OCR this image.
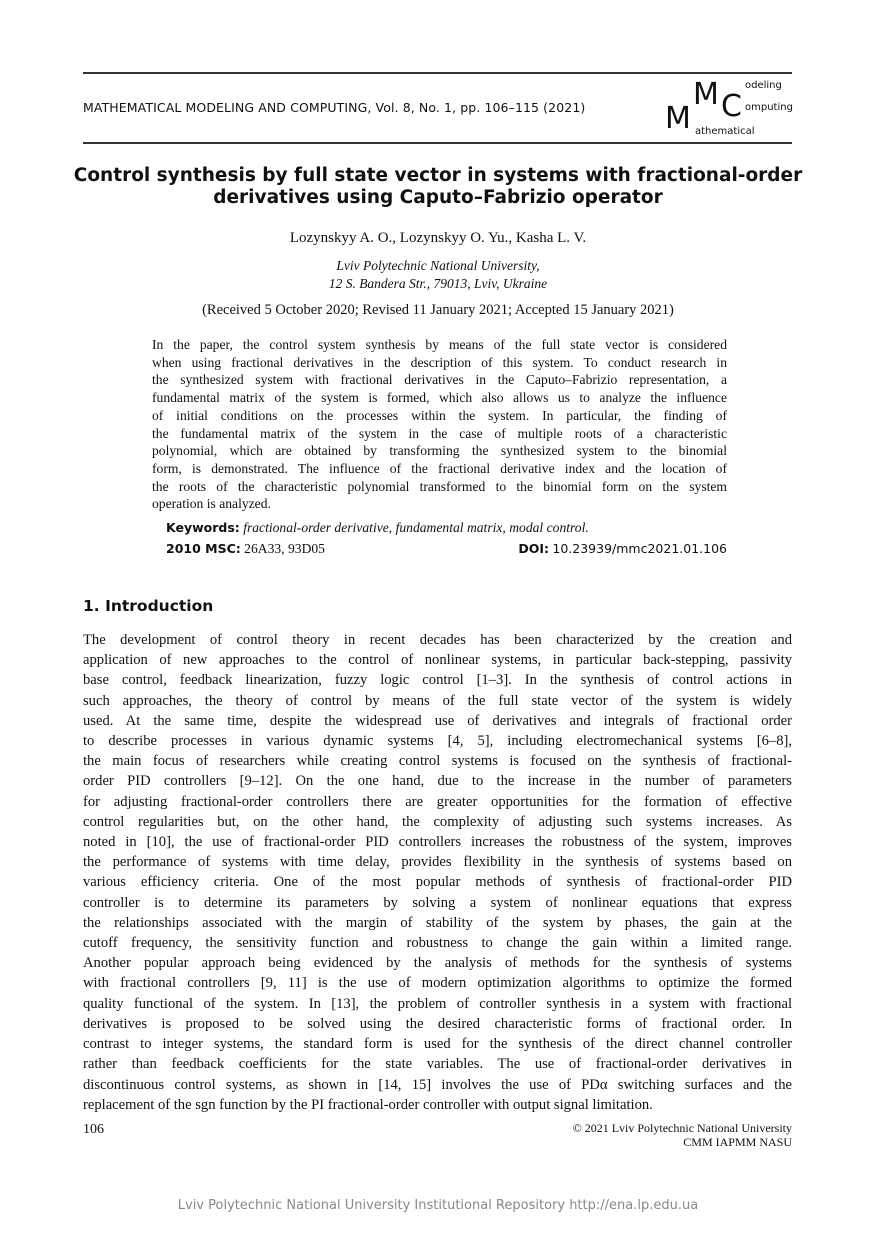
MATHEMATICAL MODELING AND COMPUTING, Vol. 8, No. 1, pp. 106–115 (2021)	M
M C
odeling
omputing
athematical
Control synthesis by full state vector in systems with fractional-order derivatives using Caputo–Fabrizio operator
Lozynskyy A. O., Lozynskyy O. Yu., Kasha L. V.
Lviv Polytechnic National University,
12 S. Bandera Str., 79013, Lviv, Ukraine
(Received 5 October 2020; Revised 11 January 2021; Accepted 15 January 2021)
In the paper, the control system synthesis by means of the full state vector is considered
when using fractional derivatives in the description of this system. To conduct research in
the synthesized system with fractional derivatives in the Caputo–Fabrizio representation, a
fundamental matrix of the system is formed, which also allows us to analyze the influence
of initial conditions on the processes within the system. In particular, the finding of
the fundamental matrix of the system in the case of multiple roots of a characteristic
polynomial, which are obtained by transforming the synthesized system to the binomial
form, is demonstrated. The influence of the fractional derivative index and the location of
the roots of the characteristic polynomial transformed to the binomial form on the system
operation is analyzed.
Keywords: fractional-order derivative, fundamental matrix, modal control.
2010 MSC: 26A33, 93D05	DOI: 10.23939/mmc2021.01.106
1. Introduction
The development of control theory in recent decades has been characterized by the creation and
application of new approaches to the control of nonlinear systems, in particular back-stepping, passivity
base control, feedback linearization, fuzzy logic control [1–3]. In the synthesis of control actions in
such approaches, the theory of control by means of the full state vector of the system is widely
used. At the same time, despite the widespread use of derivatives and integrals of fractional order
to describe processes in various dynamic systems [4, 5], including electromechanical systems [6–8],
the main focus of researchers while creating control systems is focused on the synthesis of fractional-
order PID controllers [9–12]. On the one hand, due to the increase in the number of parameters
for adjusting fractional-order controllers there are greater opportunities for the formation of effective
control regularities but, on the other hand, the complexity of adjusting such systems increases. As
noted in [10], the use of fractional-order PID controllers increases the robustness of the system, improves
the performance of systems with time delay, provides flexibility in the synthesis of systems based on
various efficiency criteria. One of the most popular methods of synthesis of fractional-order PID
controller is to determine its parameters by solving a system of nonlinear equations that express
the relationships associated with the margin of stability of the system by phases, the gain at the
cutoff frequency, the sensitivity function and robustness to change the gain within a limited range.
Another popular approach being evidenced by the analysis of methods for the synthesis of systems
with fractional controllers [9, 11] is the use of modern optimization algorithms to optimize the formed
quality functional of the system. In [13], the problem of controller synthesis in a system with fractional
derivatives is proposed to be solved using the desired characteristic forms of fractional order. In
contrast to integer systems, the standard form is used for the synthesis of the direct channel controller
rather than feedback coefficients for the state variables. The use of fractional-order derivatives in
discontinuous control systems, as shown in [14, 15] involves the use of PDα switching surfaces and the
replacement of the sgn function by the PI fractional-order controller with output signal limitation.
106	© 2021 Lviv Polytechnic National University
CMM IAPMM NASU
Lviv Polytechnic National University Institutional Repository http://ena.lp.edu.ua
